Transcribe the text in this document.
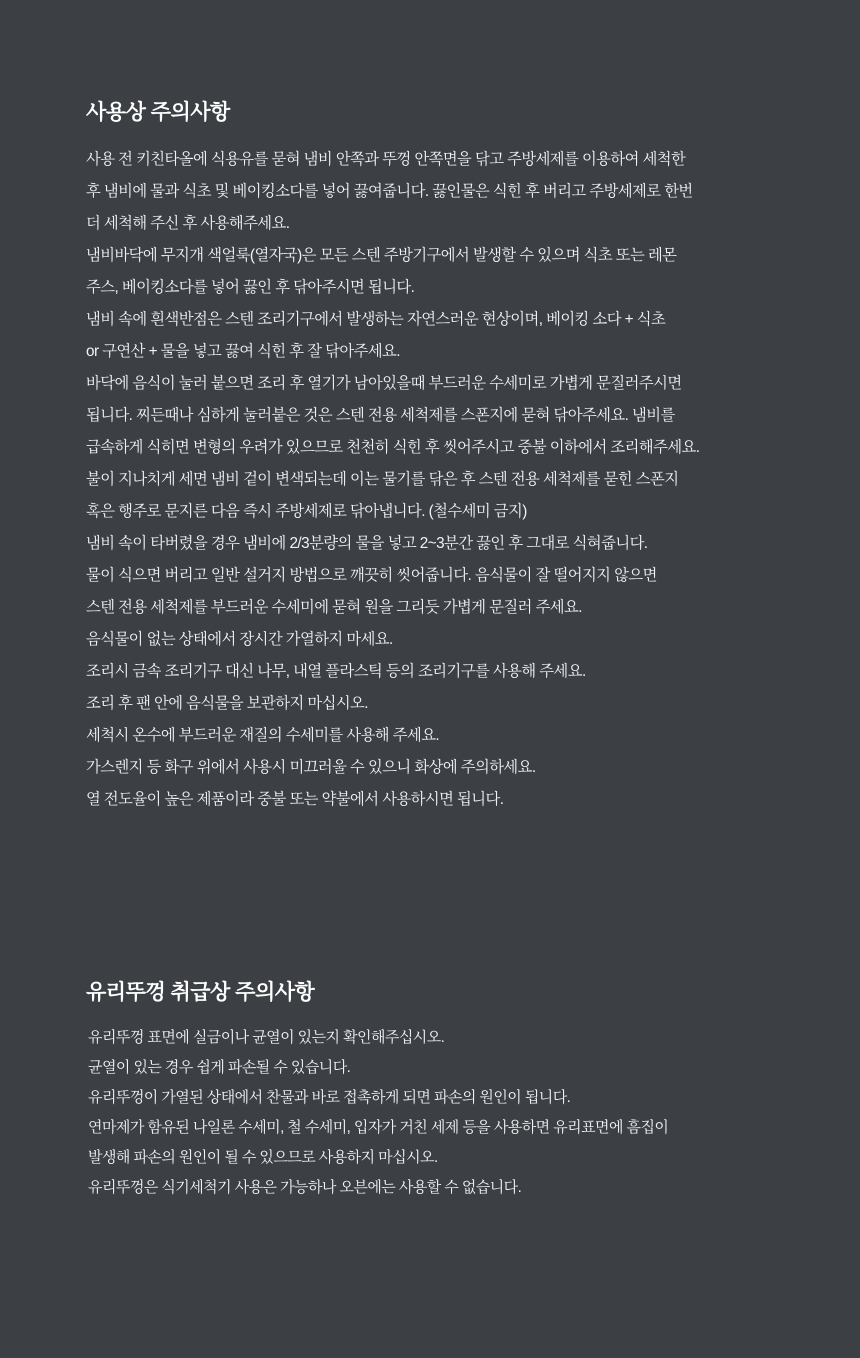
사용상 주의사항
사용 전 키친타올에 식용유를 묻혀 냄비 안쪽과 뚜껑 안쪽면을 닦고 주방세제를 이용하여 세척한
후 냄비에 물과 식초 및 베이킹소다를 넣어 끓여줍니다. 끓인물은 식힌 후 버리고 주방세제로 한번
더 세척해 주신 후 사용해주세요.
냄비바닥에 무지개 색얼룩(열자국)은 모든 스텐 주방기구에서 발생할 수 있으며 식초 또는 레몬
주스, 베이킹소다를 넣어 끓인 후 닦아주시면 됩니다.
냄비 속에 흰색반점은 스텐 조리기구에서 발생하는 자연스러운 현상이며, 베이킹 소다 + 식초
or 구연산 + 물을 넣고 끓여 식힌 후 잘 닦아주세요.
바닥에 음식이 눌러 붙으면 조리 후 열기가 남아있을때 부드러운 수세미로 가볍게 문질러주시면
됩니다. 찌든때나 심하게 눌러붙은 것은 스텐 전용 세척제를 스폰지에 묻혀 닦아주세요. 냄비를
급속하게 식히면 변형의 우려가 있으므로 천천히 식힌 후 씻어주시고 중불 이하에서 조리해주세요.
불이 지나치게 세면 냄비 겉이 변색되는데 이는 물기를 닦은 후 스텐 전용 세척제를 묻힌 스폰지
혹은 행주로 문지른 다음 즉시 주방세제로 닦아냅니다. (철수세미 금지)
냄비 속이 타버렸을 경우 냄비에 2/3분량의 물을 넣고 2~3분간 끓인 후 그대로 식혀줍니다.
물이 식으면 버리고 일반 설거지 방법으로 깨끗히 씻어줍니다. 음식물이 잘 떨어지지 않으면
스텐 전용 세척제를 부드러운 수세미에 묻혀 원을 그리듯 가볍게 문질러 주세요.
음식물이 없는 상태에서 장시간 가열하지 마세요.
조리시 금속 조리기구 대신 나무, 내열 플라스틱 등의 조리기구를 사용해 주세요.
조리 후 팬 안에 음식물을 보관하지 마십시오.
세척시 온수에 부드러운 재질의 수세미를 사용해 주세요.
가스렌지 등 화구 위에서 사용시 미끄러울 수 있으니 화상에 주의하세요.
열 전도율이 높은 제품이라 중불 또는 약불에서 사용하시면 됩니다.
유리뚜껑 취급상 주의사항
유리뚜껑 표면에 실금이나 균열이 있는지 확인해주십시오.
균열이 있는 경우 쉽게 파손될 수 있습니다.
유리뚜껑이 가열된 상태에서 찬물과 바로 접촉하게 되면 파손의 원인이 됩니다.
연마제가 함유된 나일론 수세미, 철 수세미, 입자가 거친 세제 등을 사용하면 유리표면에 흠집이
발생해 파손의 원인이 될 수 있으므로 사용하지 마십시오.
유리뚜껑은 식기세척기 사용은 가능하나 오븐에는 사용할 수 없습니다.
